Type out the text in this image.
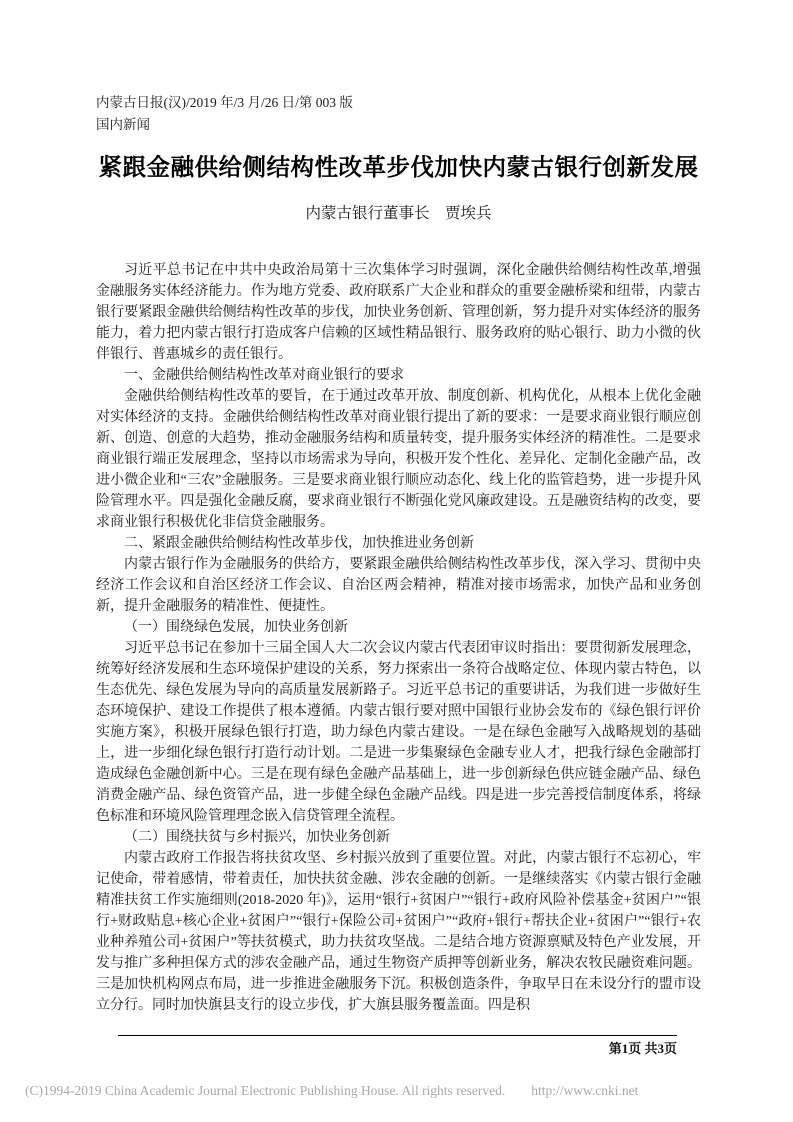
内蒙古日报(汉)/2019 年/3 月/26 日/第 003 版
国内新闻
紧跟金融供给侧结构性改革步伐加快内蒙古银行创新发展
内蒙古银行董事长　贾埃兵

习近平总书记在中共中央政治局第十三次集体学习时强调，深化金融供给侧结构性改革,增强金融服务实体经济能力。作为地方党委、政府联系广大企业和群众的重要金融桥梁和纽带，内蒙古银行要紧跟金融供给侧结构性改革的步伐，加快业务创新、管理创新，努力提升对实体经济的服务能力，着力把内蒙古银行打造成客户信赖的区域性精品银行、服务政府的贴心银行、助力小微的伙伴银行、普惠城乡的责任银行。

一、金融供给侧结构性改革对商业银行的要求

金融供给侧结构性改革的要旨，在于通过改革开放、制度创新、机构优化，从根本上优化金融对实体经济的支持。金融供给侧结构性改革对商业银行提出了新的要求：一是要求商业银行顺应创新、创造、创意的大趋势，推动金融服务结构和质量转变，提升服务实体经济的精准性。二是要求商业银行端正发展理念，坚持以市场需求为导向，积极开发个性化、差异化、定制化金融产品，改进小微企业和“三农”金融服务。三是要求商业银行顺应动态化、线上化的监管趋势，进一步提升风险管理水平。四是强化金融反腐，要求商业银行不断强化党风廉政建设。五是融资结构的改变，要求商业银行积极优化非信贷金融服务。

二、紧跟金融供给侧结构性改革步伐，加快推进业务创新

内蒙古银行作为金融服务的供给方，要紧跟金融供给侧结构性改革步伐，深入学习、贯彻中央经济工作会议和自治区经济工作会议、自治区两会精神，精准对接市场需求，加快产品和业务创新，提升金融服务的精准性、便捷性。

（一）围绕绿色发展，加快业务创新

习近平总书记在参加十三届全国人大二次会议内蒙古代表团审议时指出：要贯彻新发展理念，统筹好经济发展和生态环境保护建设的关系，努力探索出一条符合战略定位、体现内蒙古特色，以生态优先、绿色发展为导向的高质量发展新路子。习近平总书记的重要讲话，为我们进一步做好生态环境保护、建设工作提供了根本遵循。内蒙古银行要对照中国银行业协会发布的《绿色银行评价实施方案》，积极开展绿色银行打造，助力绿色内蒙古建设。一是在绿色金融写入战略规划的基础上，进一步细化绿色银行打造行动计划。二是进一步集聚绿色金融专业人才，把我行绿色金融部打造成绿色金融创新中心。三是在现有绿色金融产品基础上，进一步创新绿色供应链金融产品、绿色消费金融产品、绿色资管产品，进一步健全绿色金融产品线。四是进一步完善授信制度体系，将绿色标准和环境风险管理理念嵌入信贷管理全流程。

（二）围绕扶贫与乡村振兴，加快业务创新

内蒙古政府工作报告将扶贫攻坚、乡村振兴放到了重要位置。对此，内蒙古银行不忘初心，牢记使命，带着感情，带着责任，加快扶贫金融、涉农金融的创新。一是继续落实《内蒙古银行金融精准扶贫工作实施细则(2018-2020 年)》，运用“银行+贫困户”“银行+政府风险补偿基金+贫困户”“银行+财政贴息+核心企业+贫困户”“银行+保险公司+贫困户”“政府+银行+帮扶企业+贫困户”“银行+农业种养殖公司+贫困户”等扶贫模式，助力扶贫攻坚战。二是结合地方资源禀赋及特色产业发展，开发与推广多种担保方式的涉农金融产品，通过生物资产质押等创新业务，解决农牧民融资难问题。三是加快机构网点布局，进一步推进金融服务下沉。积极创造条件，争取早日在未设分行的盟市设立分行。同时加快旗县支行的设立步伐，扩大旗县服务覆盖面。四是积

第1页 共3页
(C)1994-2019 China Academic Journal Electronic Publishing House. All rights reserved. http://www.cnki.net
